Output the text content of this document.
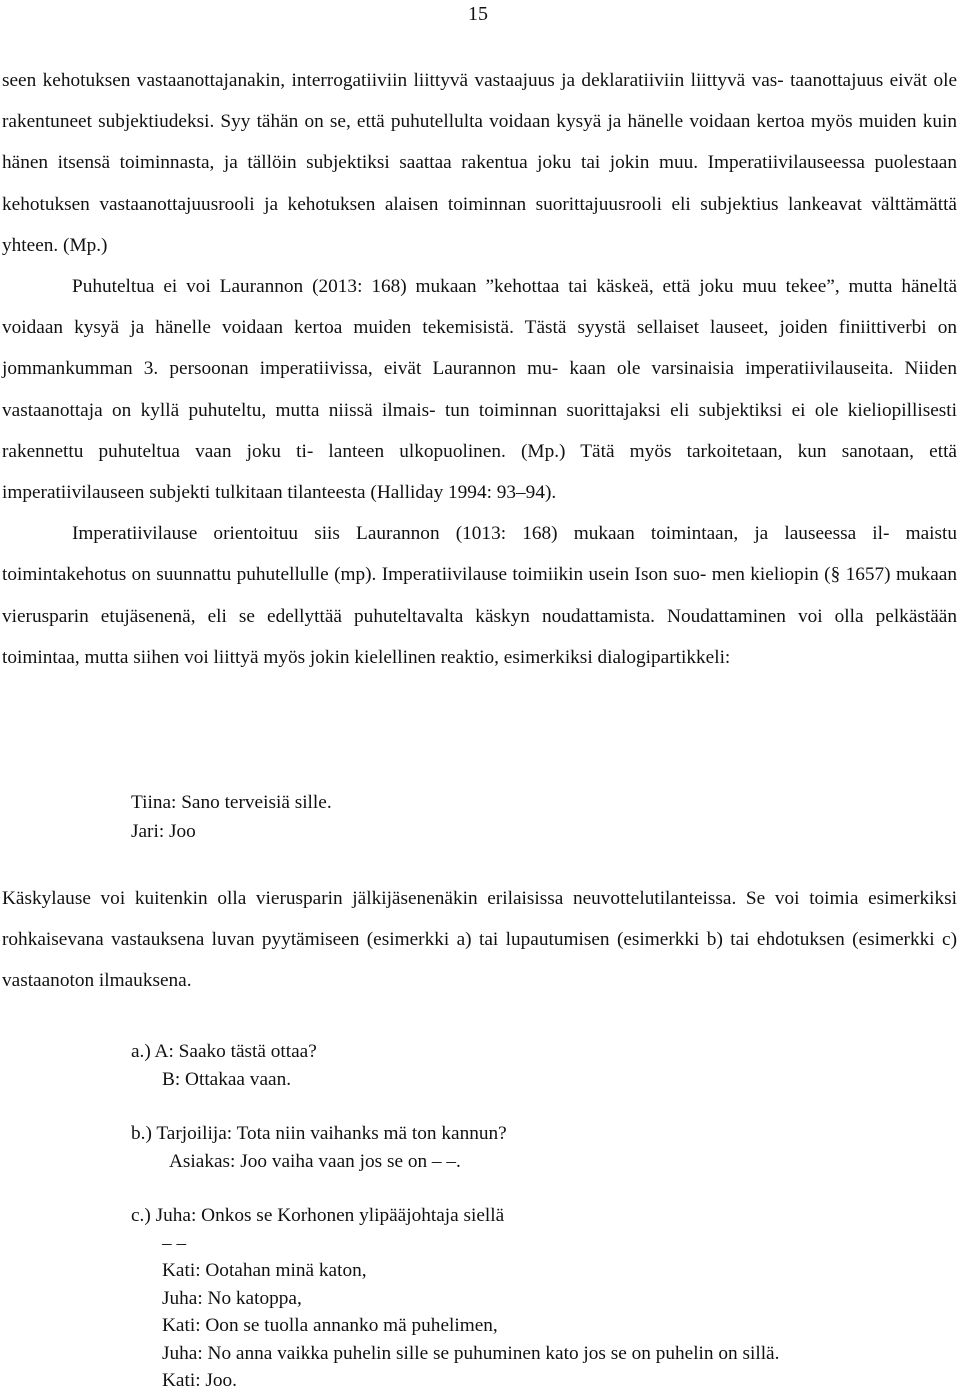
15

seen kehotuksen vastaanottajanakin, interrogatiiviin liittyvä vastaajuus ja deklaratiiviin liittyvä vas- taanottajuus eivät ole rakentuneet subjektiudeksi. Syy tähän on se, että puhutellulta voidaan kysyä ja hänelle voidaan kertoa myös muiden kuin hänen itsensä toiminnasta, ja tällöin subjektiksi saattaa rakentua joku tai jokin muu. Imperatiivilauseessa puolestaan kehotuksen vastaanottajuusrooli ja kehotuksen alaisen toiminnan suorittajuusrooli eli subjektius lankeavat välttämättä yhteen. (Mp.)

Puhuteltua ei voi Laurannon (2013: 168) mukaan ”kehottaa tai käskeä, että joku muu tekee”, mutta häneltä voidaan kysyä ja hänelle voidaan kertoa muiden tekemisistä. Tästä syystä sellaiset lauseet, joiden finiittiverbi on jommankumman 3. persoonan imperatiivissa, eivät Laurannon mu- kaan ole varsinaisia imperatiivilauseita. Niiden vastaanottaja on kyllä puhuteltu, mutta niissä ilmais- tun toiminnan suorittajaksi eli subjektiksi ei ole kieliopillisesti rakennettu puhuteltua vaan joku ti- lanteen ulkopuolinen. (Mp.) Tätä myös tarkoitetaan, kun sanotaan, että imperatiivilauseen subjekti tulkitaan tilanteesta (Halliday 1994: 93–94).

Imperatiivilause orientoituu siis Laurannon (1013: 168) mukaan toimintaan, ja lauseessa il- maistu toimintakehotus on suunnattu puhutellulle (mp). Imperatiivilause toimiikin usein Ison suo- men kieliopin (§ 1657) mukaan vierusparin etujäsenenä, eli se edellyttää puhuteltavalta käskyn noudattamista. Noudattaminen voi olla pelkästään toimintaa, mutta siihen voi liittyä myös jokin kielellinen reaktio, esimerkiksi dialogipartikkeli:

Tiina: Sano terveisiä sille.
Jari: Joo

Käskylause voi kuitenkin olla vierusparin jälkijäsenenäkin erilaisissa neuvottelutilanteissa. Se voi toimia esimerkiksi rohkaisevana vastauksena luvan pyytämiseen (esimerkki a) tai lupautumisen (esimerkki b) tai ehdotuksen (esimerkki c) vastaanoton ilmauksena.

a.) A: Saako tästä ottaa?
B: Ottakaa vaan.
b.) Tarjoilija: Tota niin vaihanks mä ton kannun?
Asiakas: Joo vaiha vaan jos se on – –.
c.) Juha: Onkos se Korhonen ylipääjohtaja siellä
– –
Kati: Ootahan minä katon,
Juha: No katoppa,
Kati: Oon se tuolla annanko mä puhelimen,
Juha: No anna vaikka puhelin sille se puhuminen kato jos se on puhelin on sillä.
Kati: Joo.
